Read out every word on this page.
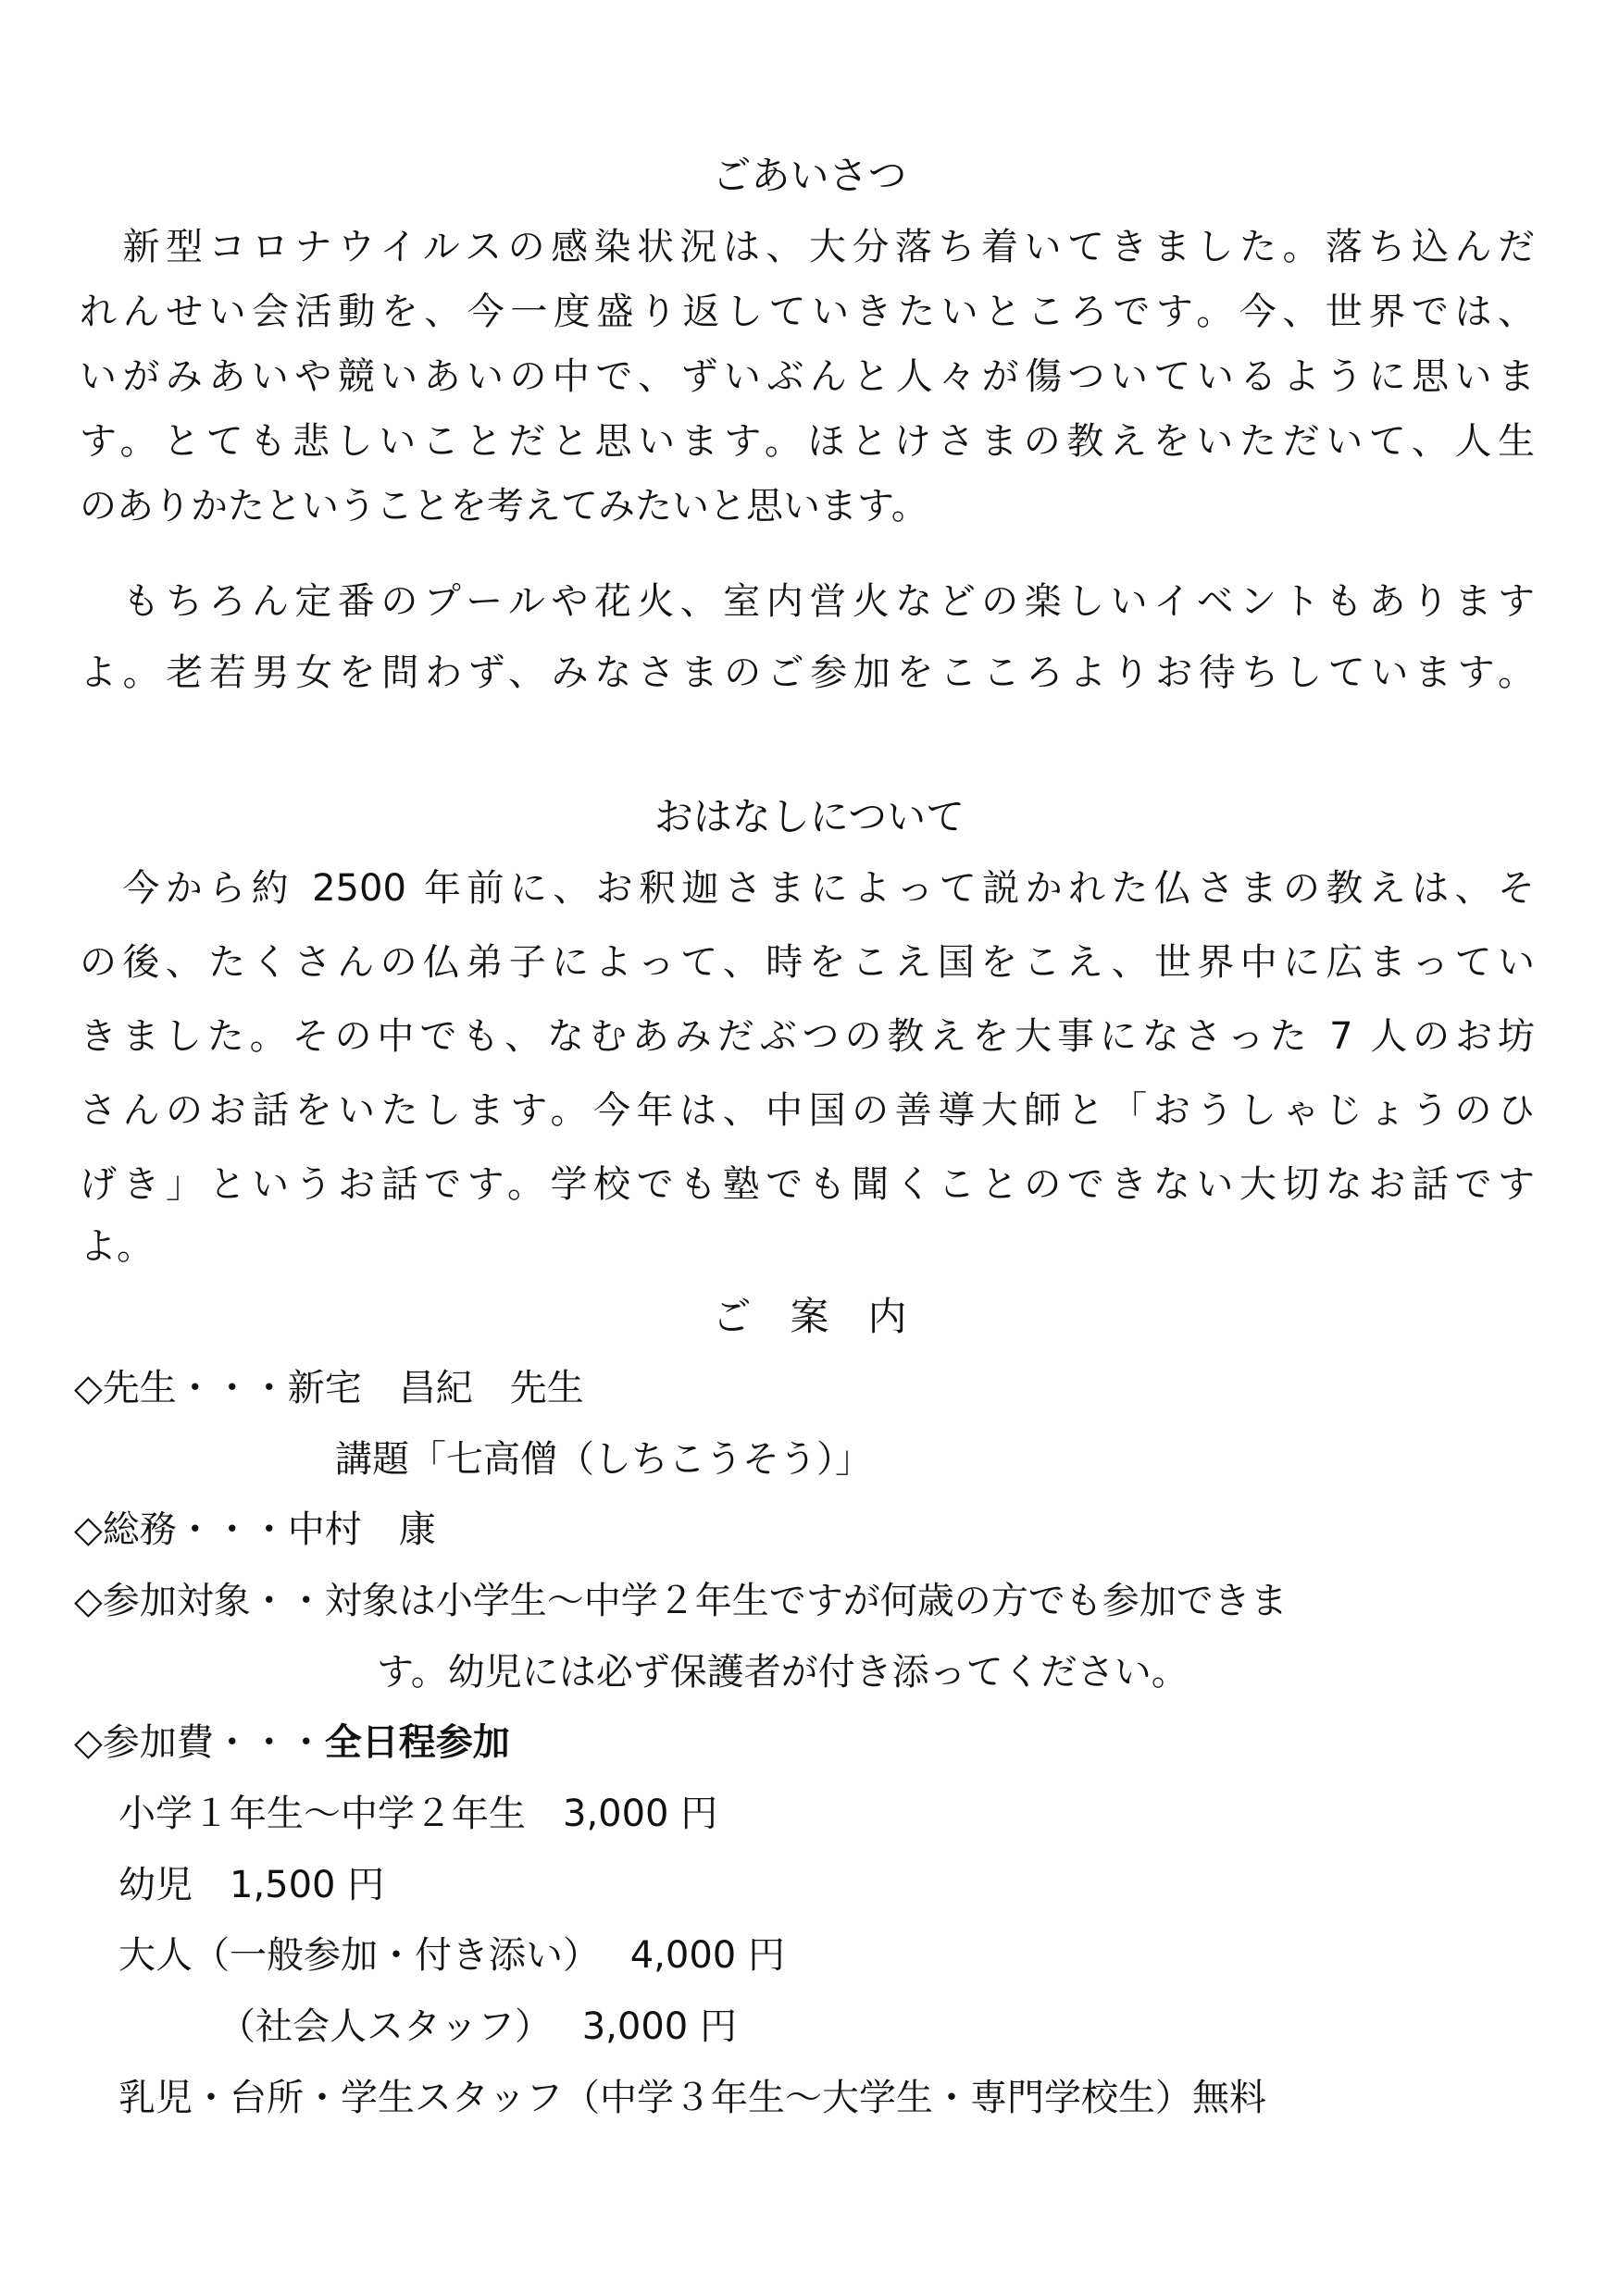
ごあいさつ
　新型コロナウイルスの感染状況は、大分落ち着いてきました。落ち込んだ
れんせい会活動を、今一度盛り返していきたいところです。今、世界では、
いがみあいや競いあいの中で、ずいぶんと人々が傷ついているように思いま
す。とても悲しいことだと思います。ほとけさまの教えをいただいて、人生
のありかたということを考えてみたいと思います。
　もちろん定番のプールや花火、室内営火などの楽しいイベントもあります
よ。老若男女を問わず、みなさまのご参加をこころよりお待ちしています。
おはなしについて
　今から約 2500 年前に、お釈迦さまによって説かれた仏さまの教えは、そ
の後、たくさんの仏弟子によって、時をこえ国をこえ、世界中に広まってい
きました。その中でも、なむあみだぶつの教えを大事になさった 7 人のお坊
さんのお話をいたします。今年は、中国の善導大師と「おうしゃじょうのひ
げき」というお話です。学校でも塾でも聞くことのできない大切なお話です
よ。
ご　案　内
◇先生・・・新宅　昌紀　先生
講題「七高僧（しちこうそう）」
◇総務・・・中村　康
◇参加対象・・対象は小学生～中学２年生ですが何歳の方でも参加できま
す。幼児には必ず保護者が付き添ってください。
◇参加費・・・全日程参加
小学１年生～中学２年生　3,000 円
幼児　1,500 円
大人（一般参加・付き添い）　 4,000 円
（社会人スタッフ）　 3,000 円
乳児・台所・学生スタッフ（中学３年生～大学生・専門学校生）無料
